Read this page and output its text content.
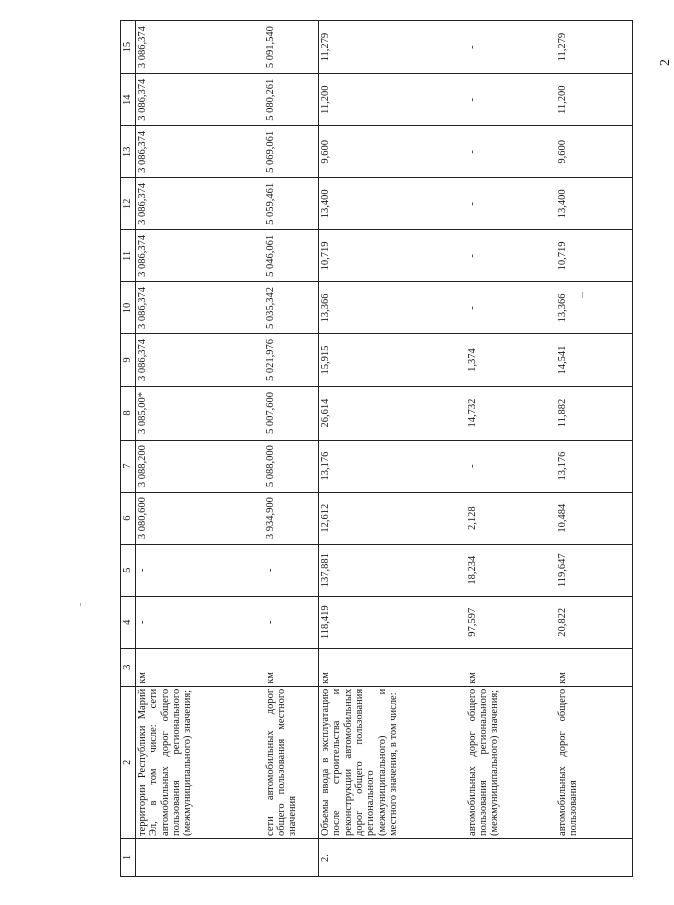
2
1	2	3	4	5	6	7	8	9	10	11	12	13	14	15
	территории Республики Марий Эл, в том числе: сети автомобильных дорог общего пользования регионального (межмуниципального) значения;	км	-	-	3 080,600	3 088,200	3 085,00*	3 086,374	3 086,374	3 086,374	3 086,374	3 086,374	3 086,374	3 086,374
	сети автомобильных дорог общего пользования местного значения	км	-	-	3 934,900	5 088,000	5 007,600	5 021,976	5 035,342	5 046,061	5 059,461	5 069,061	5 080,261	5 091,540
2.	Объемы ввода в эксплуатацию после строительства и реконструкции автомобильных дорог общего пользования регионального (межмуниципального) и местного значения, в том числе:	км	118,419	137,881	12,612	13,176	26,614	15,915	13,366	10,719	13,400	9,600	11,200	11,279
	автомобильных дорог общего пользования регионального (межмуниципального) значения;	км	97,597	18,234	2,128	-	14,732	1,374	-	-	-	-	-	-
	автомобильных дорог общего пользования	км	20,822	119,647	10,484	13,176	11,882	14,541	13,366	10,719	13,400	9,600	11,200	11,279
